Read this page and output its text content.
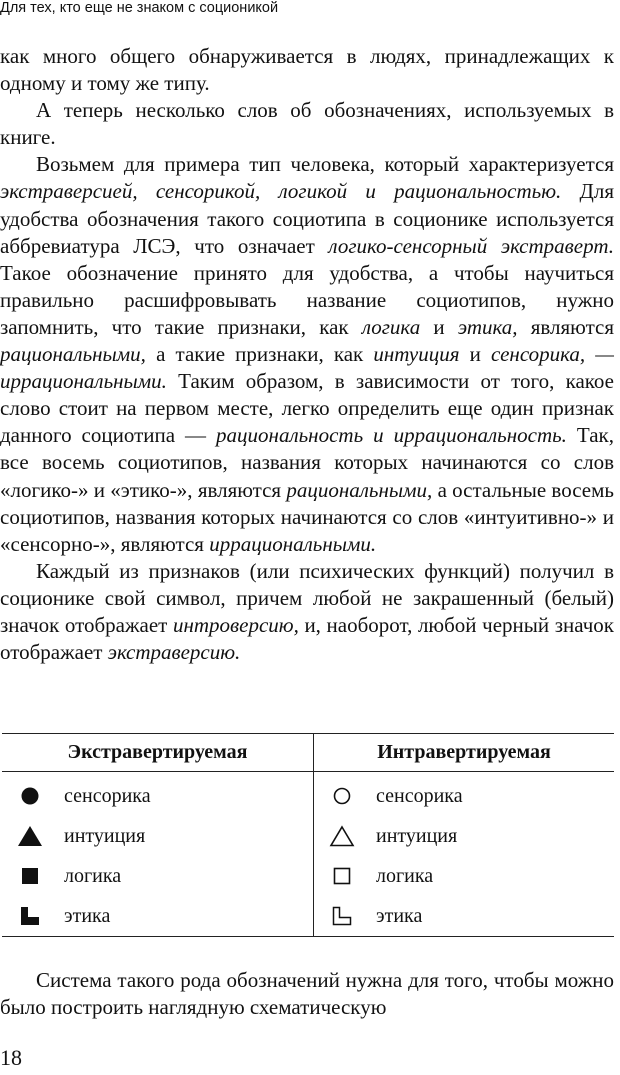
Для тех, кто еще не знаком с соционикой

как много общего обнаруживается в людях, принадлежащих к одному и тому же типу.

А теперь несколько слов об обозначениях, используемых в книге.

Возьмем для примера тип человека, который характеризуется экстраверсией, сенсорикой, логикой и рациональностью. Для удобства обозначения такого социотипа в соционике используется аббревиатура ЛСЭ, что означает логико-сенсорный экстраверт. Такое обозначение принято для удобства, а чтобы научиться правильно расшифровывать название социотипов, нужно запомнить, что такие признаки, как логика и этика, являются рациональными, а такие признаки, как интуиция и сенсорика, — иррациональными. Таким образом, в зависимости от того, какое слово стоит на первом месте, легко определить еще один признак данного социотипа — рациональность и иррациональность. Так, все восемь социотипов, названия которых начинаются со слов «логико-» и «этико-», являются рациональными, а остальные восемь социотипов, названия которых начинаются со слов «интуитивно-» и «сенсорно-», являются иррациональными.

Каждый из признаков (или психических функций) получил в соционике свой символ, причем любой не закрашенный (белый) значок отображает интроверсию, и, наоборот, любой черный значок отображает экстраверсию.

Экстравертируемая	Интравертируемая

сенсорика	сенсорика

интуиция	интуиция

логика	логика

этика	этика

Система такого рода обозначений нужна для того, чтобы можно было построить наглядную схематическую

18
